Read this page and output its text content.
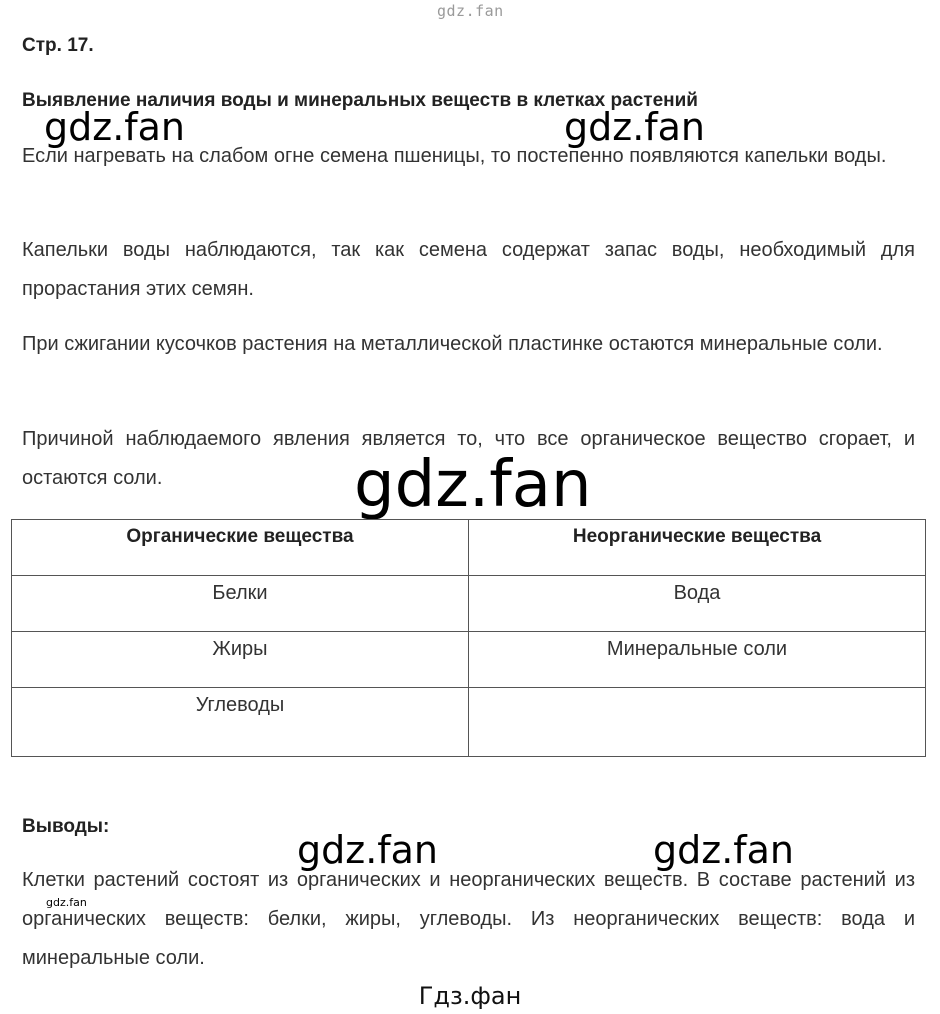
gdz.fan
Стр. 17.
Выявление наличия воды и минеральных веществ в клетках растений

Если нагревать на слабом огне семена пшеницы, то постепенно появляются капельки воды.

Капельки воды наблюдаются, так как семена содержат запас воды, необходимый для прорастания этих семян.

При сжигании кусочков растения на металлической пластинке остаются минеральные соли.

Причиной наблюдаемого явления является то, что все органическое вещество сгорает, и остаются соли.

gdz.fan	gdz.fan
gdz.fan
Органические вещества	Неорганические вещества
Белки	Вода
Жиры	Минеральные соли
Углеводы	
Выводы:
gdz.fan	gdz.fan

Клетки растений состоят из органических и неорганических веществ. В составе растений из органических веществ: белки, жиры, углеводы. Из неорганических веществ: вода и минеральные соли.

gdz.fan
Гдз.фан
